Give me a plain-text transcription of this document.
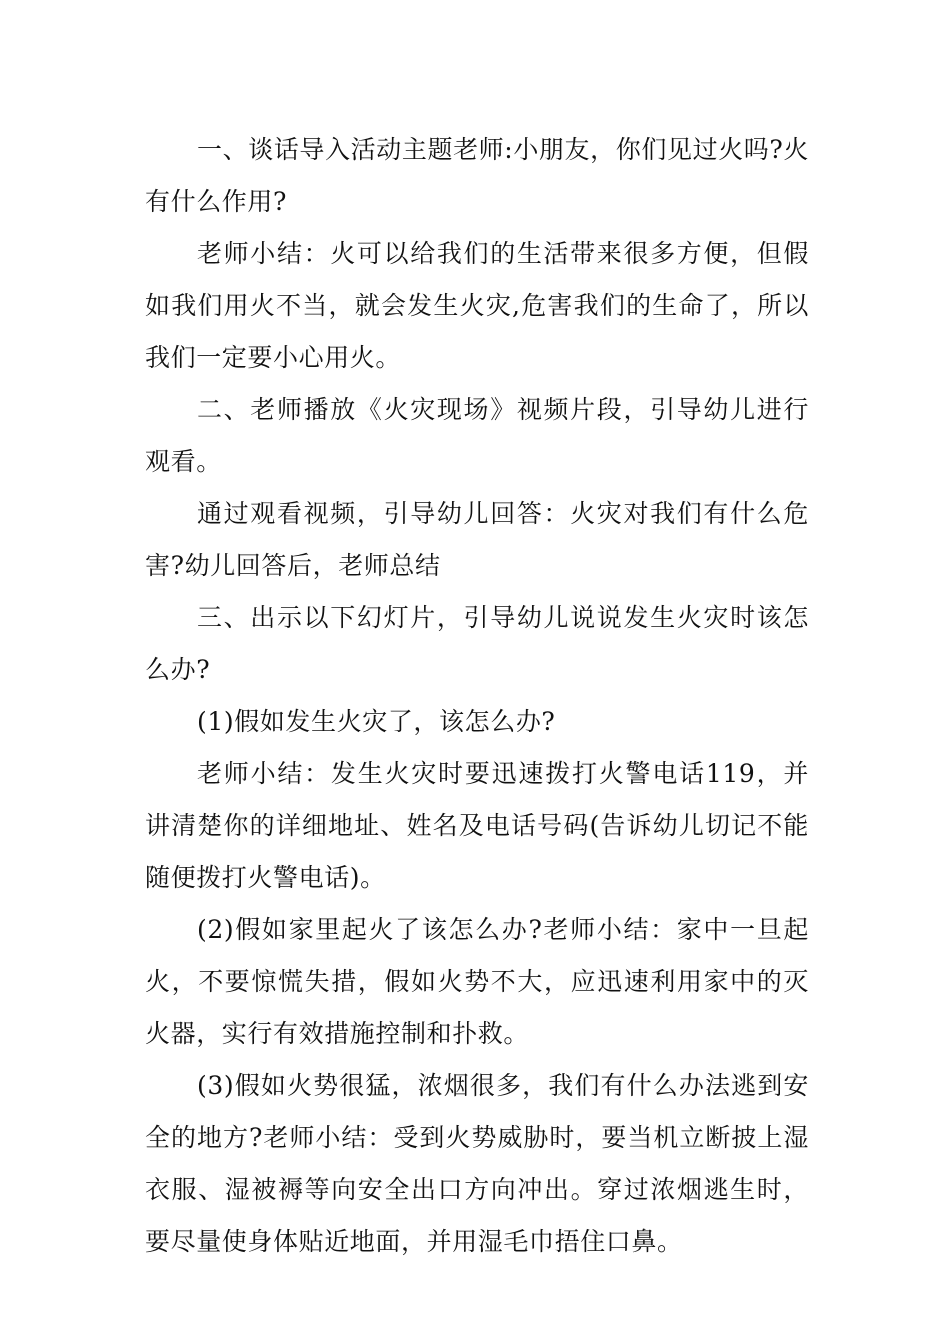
一、谈话导入活动主题老师:小朋友，你们见过火吗?火有什么作用?

老师小结：火可以给我们的生活带来很多方便，但假如我们用火不当，就会发生火灾,危害我们的生命了，所以我们一定要小心用火。

二、老师播放《火灾现场》视频片段，引导幼儿进行观看。

通过观看视频，引导幼儿回答：火灾对我们有什么危害?幼儿回答后，老师总结

三、出示以下幻灯片，引导幼儿说说发生火灾时该怎么办?

(1)假如发生火灾了，该怎么办?

老师小结：发生火灾时要迅速拨打火警电话119，并讲清楚你的详细地址、姓名及电话号码(告诉幼儿切记不能随便拨打火警电话)。

(2)假如家里起火了该怎么办?老师小结：家中一旦起火，不要惊慌失措，假如火势不大，应迅速利用家中的灭火器，实行有效措施控制和扑救。

(3)假如火势很猛，浓烟很多，我们有什么办法逃到安全的地方?老师小结：受到火势威胁时，要当机立断披上湿衣服、湿被褥等向安全出口方向冲出。穿过浓烟逃生时，要尽量使身体贴近地面，并用湿毛巾捂住口鼻。
